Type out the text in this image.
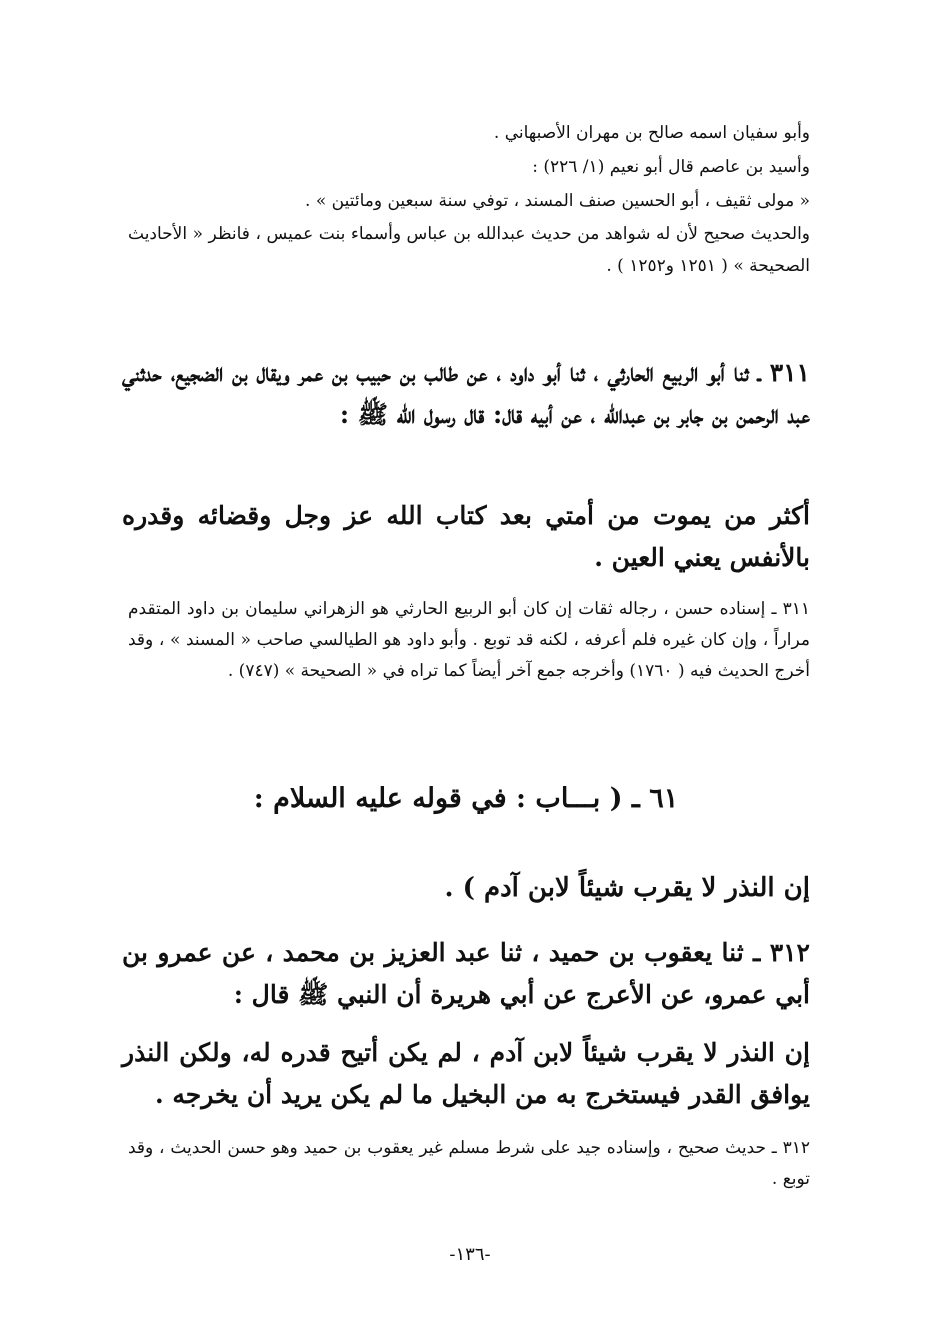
وأبو سفيان اسمه صالح بن مهران الأصبهاني .

وأسيد بن عاصم قال أبو نعيم (١/ ٢٢٦) :

« مولى ثقيف ، أبو الحسين صنف المسند ، توفي سنة سبعين ومائتين » .

والحديث صحيح لأن له شواهد من حديث عبدالله بن عباس وأسماء بنت عميس ، فانظر « الأحاديث الصحيحة » ( ١٢٥١ و١٢٥٢ ) .

٣١١ ـ ثنا أبو الربيع الحارثي ، ثنا أبو داود ، عن طالب بن حبيب بن عمر ويقال بن الضجيع، حدثني عبد الرحمن بن جابر بن عبدالله ، عن أبيه قال: قال رسول الله ﷺ :

أكثر من يموت من أمتي بعد كتاب الله عز وجل وقضائه وقدره بالأنفس يعني العين .

٣١١ ـ إسناده حسن ، رجاله ثقات إن كان أبو الربيع الحارثي هو الزهراني سليمان بن داود المتقدم مراراً ، وإن كان غيره فلم أعرفه ، لكنه قد توبع . وأبو داود هو الطيالسي صاحب « المسند » ، وقد أخرج الحديث فيه ( ١٧٦٠) وأخرجه جمع آخر أيضاً كما تراه في « الصحيحة » (٧٤٧) .

٦١ ـ ( بـــاب : في قوله عليه السلام :

إن النذر لا يقرب شيئاً لابن آدم ) .

٣١٢ ـ ثنا يعقوب بن حميد ، ثنا عبد العزيز بن محمد ، عن عمرو بن أبي عمرو، عن الأعرج عن أبي هريرة أن النبي ﷺ قال :

إن النذر لا يقرب شيئاً لابن آدم ، لم يكن أتيح قدره له، ولكن النذر يوافق القدر فيستخرج به من البخيل ما لم يكن يريد أن يخرجه .

٣١٢ ـ حديث صحيح ، وإسناده جيد على شرط مسلم غير يعقوب بن حميد وهو حسن الحديث ، وقد توبع .

-١٣٦-
